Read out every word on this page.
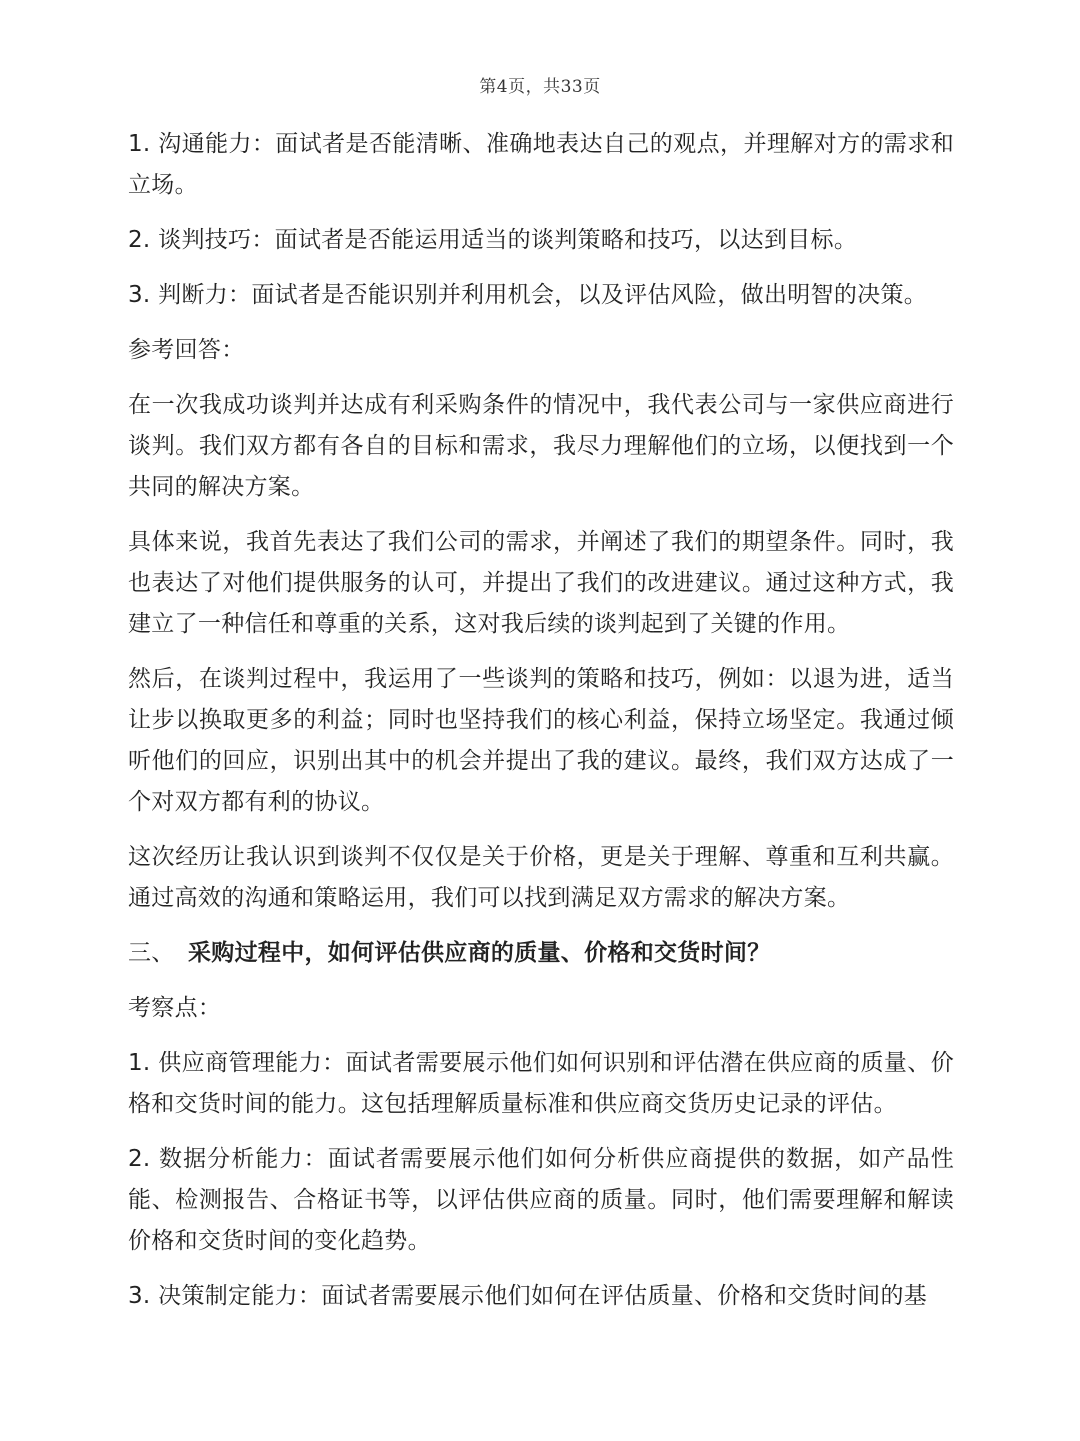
第4页，共33页

1. 沟通能力：面试者是否能清晰、准确地表达自己的观点，并理解对方的需求和立场。

2. 谈判技巧：面试者是否能运用适当的谈判策略和技巧，以达到目标。

3. 判断力：面试者是否能识别并利用机会，以及评估风险，做出明智的决策。

参考回答：

在一次我成功谈判并达成有利采购条件的情况中，我代表公司与一家供应商进行谈判。我们双方都有各自的目标和需求，我尽力理解他们的立场，以便找到一个共同的解决方案。

具体来说，我首先表达了我们公司的需求，并阐述了我们的期望条件。同时，我也表达了对他们提供服务的认可，并提出了我们的改进建议。通过这种方式，我建立了一种信任和尊重的关系，这对我后续的谈判起到了关键的作用。

然后，在谈判过程中，我运用了一些谈判的策略和技巧，例如：以退为进，适当让步以换取更多的利益；同时也坚持我们的核心利益，保持立场坚定。我通过倾听他们的回应，识别出其中的机会并提出了我的建议。最终，我们双方达成了一个对双方都有利的协议。

这次经历让我认识到谈判不仅仅是关于价格，更是关于理解、尊重和互利共赢。通过高效的沟通和策略运用，我们可以找到满足双方需求的解决方案。

三、 采购过程中，如何评估供应商的质量、价格和交货时间？

考察点：

1. 供应商管理能力：面试者需要展示他们如何识别和评估潜在供应商的质量、价格和交货时间的能力。这包括理解质量标准和供应商交货历史记录的评估。

2. 数据分析能力：面试者需要展示他们如何分析供应商提供的数据，如产品性能、检测报告、合格证书等，以评估供应商的质量。同时，他们需要理解和解读价格和交货时间的变化趋势。

3. 决策制定能力：面试者需要展示他们如何在评估质量、价格和交货时间的基
